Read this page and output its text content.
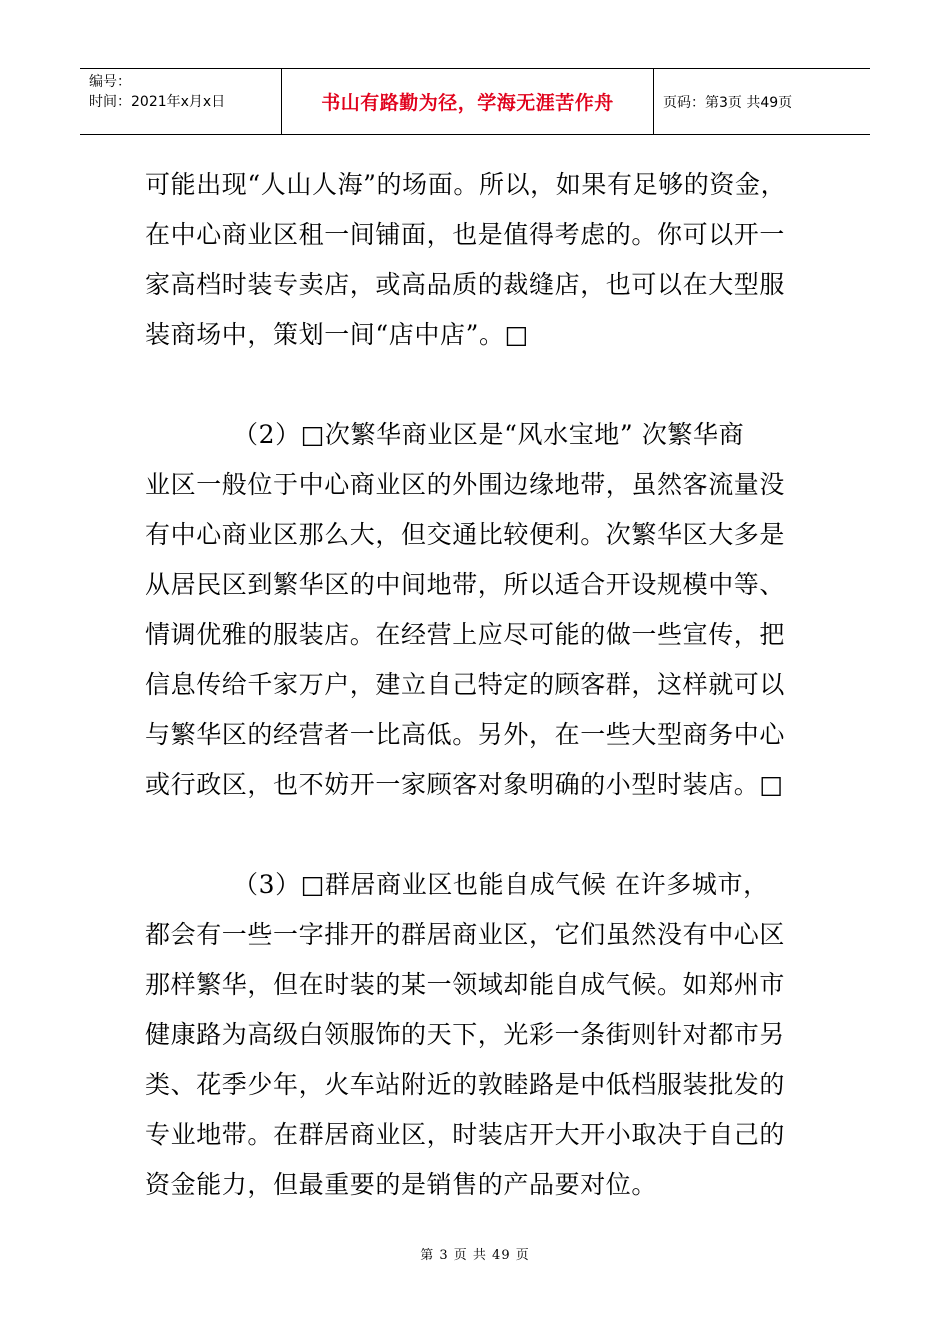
编号：
时间：2021年x月x日	书山有路勤为径，学海无涯苦作舟	页码：第3页 共49页

可能出现“人山人海”的场面。所以，如果有足够的资金，

在中心商业区租一间铺面，也是值得考虑的。你可以开一

家高档时装专卖店，或高品质的裁缝店，也可以在大型服

装商场中，策划一间“店中店”。□

（2）□次繁华商业区是“风水宝地” 次繁华商

业区一般位于中心商业区的外围边缘地带，虽然客流量没

有中心商业区那么大，但交通比较便利。次繁华区大多是

从居民区到繁华区的中间地带，所以适合开设规模中等、

情调优雅的服装店。在经营上应尽可能的做一些宣传，把

信息传给千家万户，建立自己特定的顾客群，这样就可以

与繁华区的经营者一比高低。另外，在一些大型商务中心

或行政区，也不妨开一家顾客对象明确的小型时装店。□

（3）□群居商业区也能自成气候 在许多城市，

都会有一些一字排开的群居商业区，它们虽然没有中心区

那样繁华，但在时装的某一领域却能自成气候。如郑州市

健康路为高级白领服饰的天下，光彩一条街则针对都市另

类、花季少年，火车站附近的敦睦路是中低档服装批发的

专业地带。在群居商业区，时装店开大开小取决于自己的

资金能力，但最重要的是销售的产品要对位。

第 3 页 共 49 页
